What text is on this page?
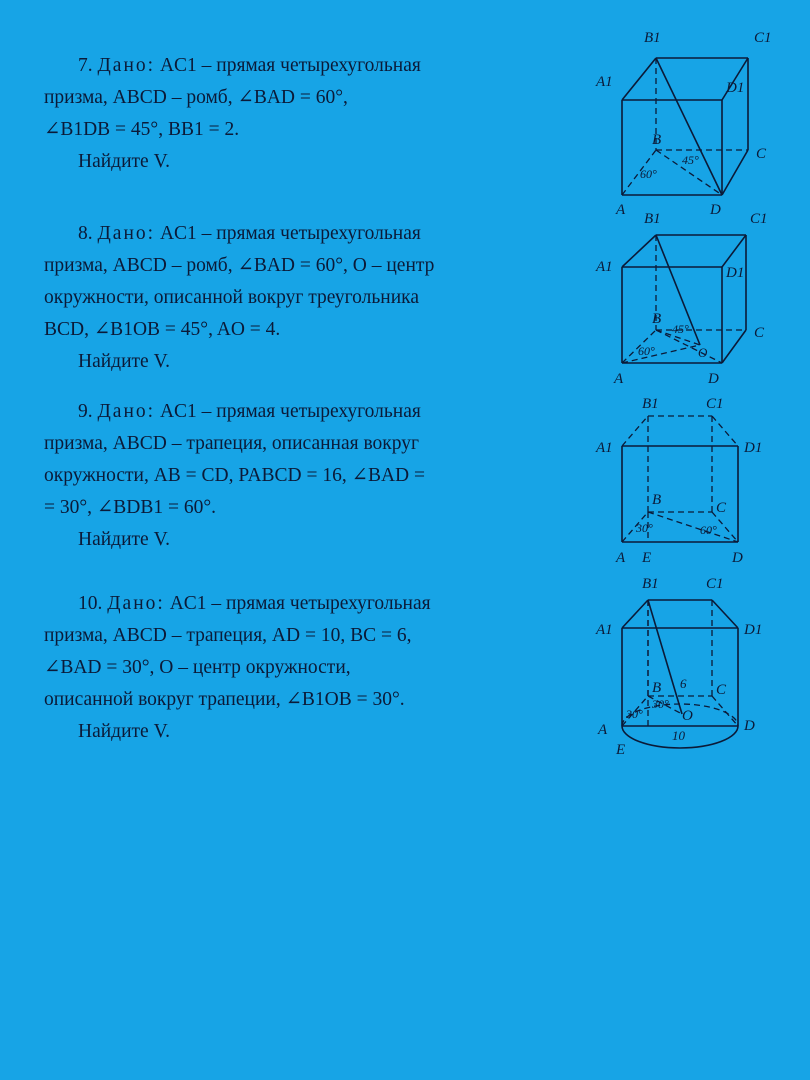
7. Дано: AC1 – прямая четырехугольная
призма, ABCD – ромб, ∠BAD = 60°,
∠B1DB = 45°, BB1 = 2.
Найдите V.
8. Дано: AC1 – прямая четырехугольная
призма, ABCD – ромб, ∠BAD = 60°, O – центр
окружности, описанной вокруг треугольника
BCD, ∠B1OB = 45°, AO = 4.
Найдите V.
9. Дано: AC1 – прямая четырехугольная
призма, ABCD – трапеция, описанная вокруг
окружности, AB = CD, PABCD = 16, ∠BAD =
= 30°, ∠BDB1 = 60°.
Найдите V.
10. Дано: AC1 – прямая четырехугольная
призма, ABCD – трапеция, AD = 10, BC = 6,
∠BAD = 30°, O – центр окружности,
описанной вокруг трапеции, ∠B1OB = 30°.
Найдите V.
B1	C1
A1	D1
B
C
A	D
60°
45°
B1	C1
A1	D1
B
C
A	D
O
60°
45°
B1	C1
A1	D1
B	C
A E	D
30°	60°
B1	C1
A1	D1
B	C
A	D
E
O
30°
30°
6
10
